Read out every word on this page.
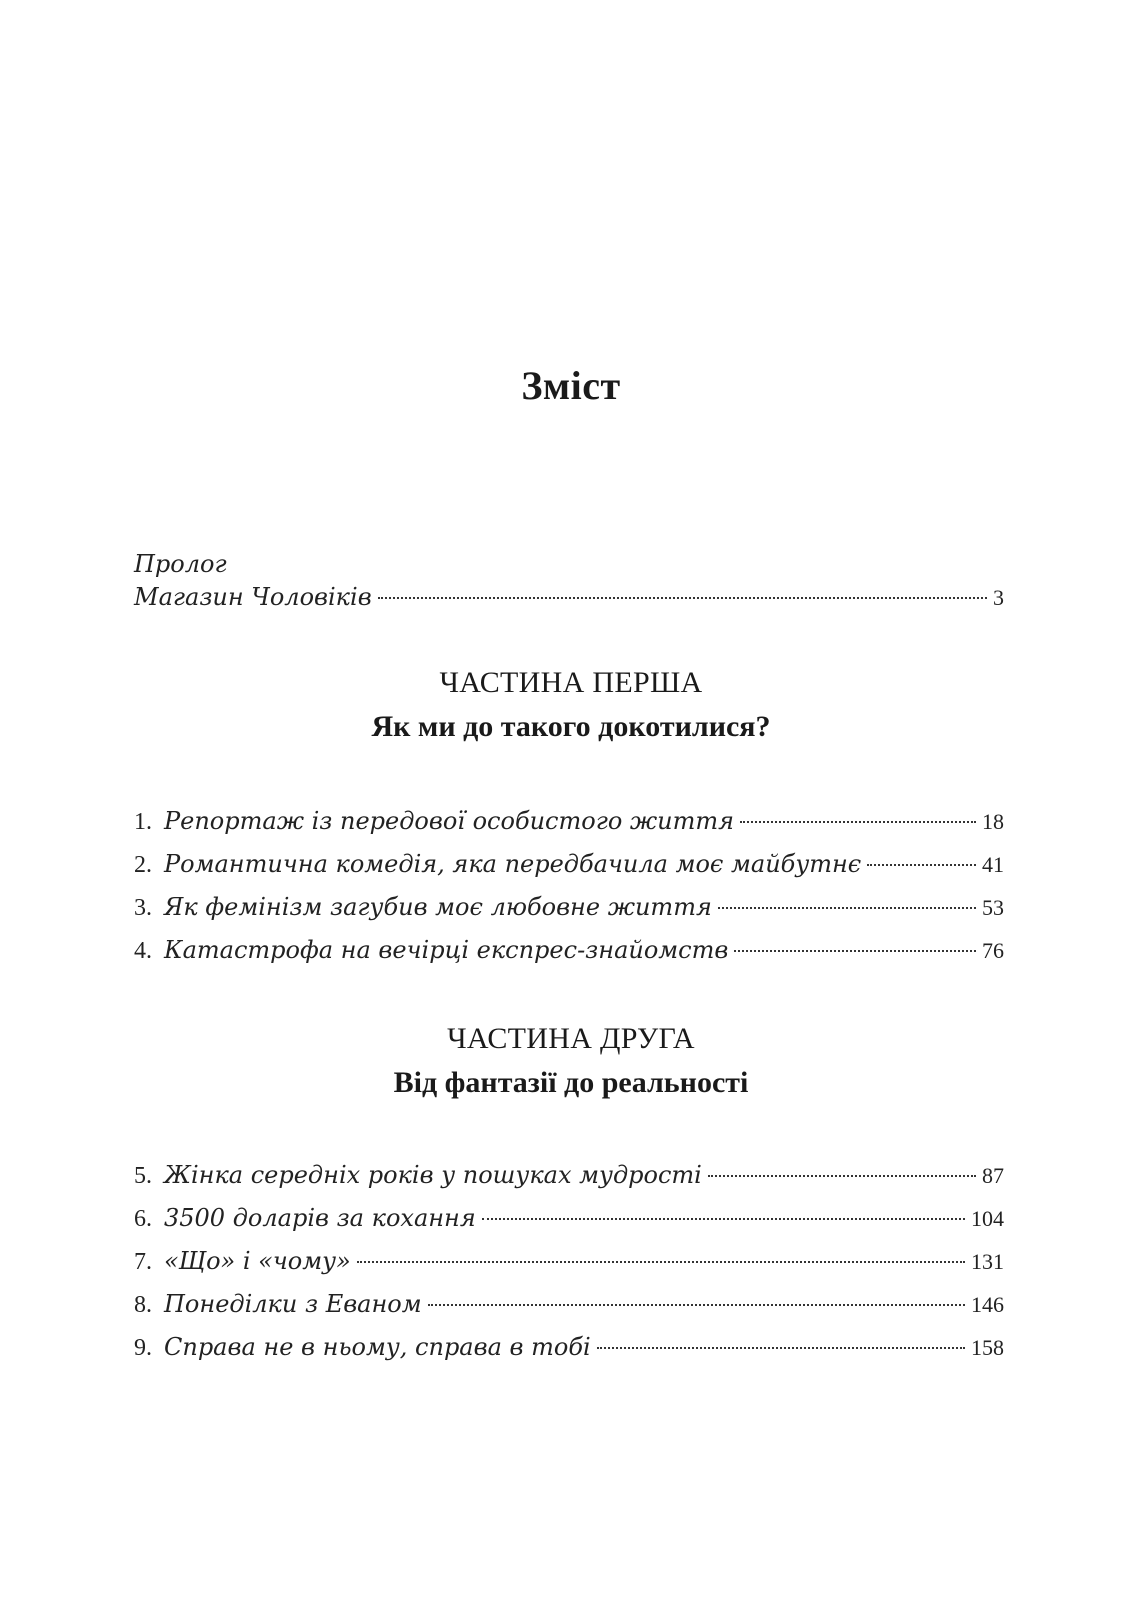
Зміст
Пролог
Магазин Чоловіків	3
ЧАСТИНА ПЕРША
Як ми до такого докотилися?
1. Репортаж із передової особистого життя	18
2. Романтична комедія, яка передбачила моє майбутнє	41
3. Як фемінізм загубив моє любовне життя	53
4. Катастрофа на вечірці експрес-знайомств	76
ЧАСТИНА ДРУГА
Від фантазії до реальності
5. Жінка середніх років у пошуках мудрості	87
6. 3500 доларів за кохання	104
7. «Що» і «чому»	131
8. Понеділки з Еваном	146
9. Справа не в ньому, справа в тобі	158
